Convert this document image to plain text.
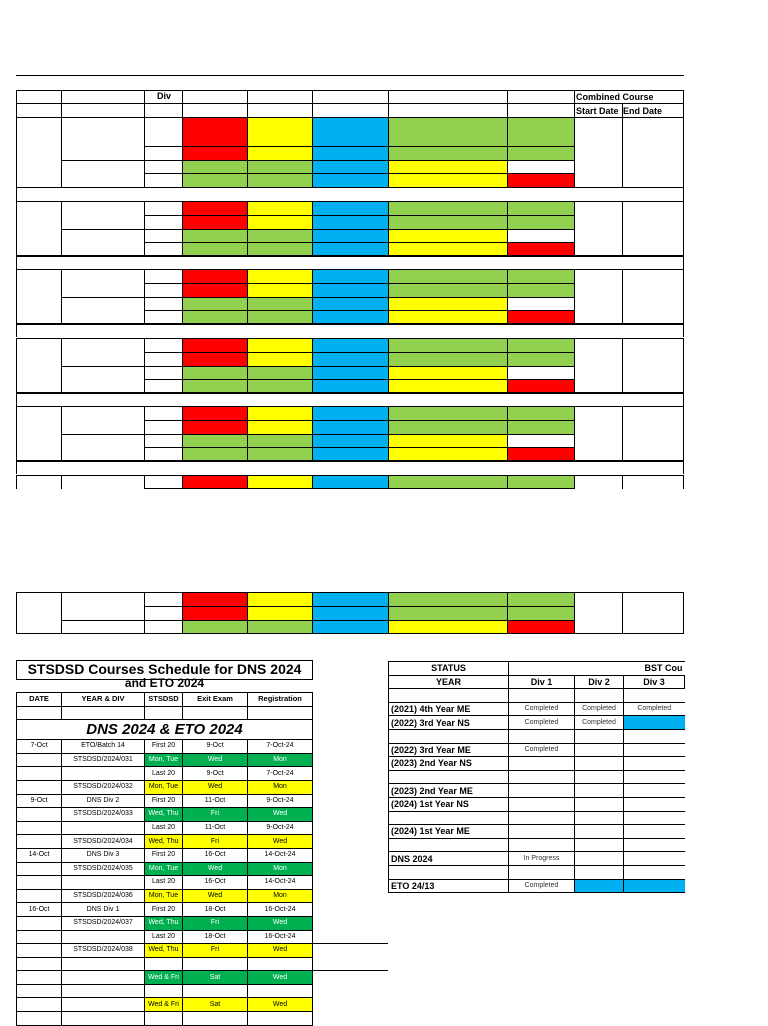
Div	Combined Course
Start Date End Date
STSDSD Courses Schedule for DNS 2024
and ETO 2024
DATE	YEAR & DIV	STSDSD	Exit Exam	Registration

DNS 2024 & ETO 2024				
7-Oct	ETO/Batch 14	First 20	9-Oct	7-Oct-24
	STSDSD/2024/031	Mon, Tue	Wed	Mon
		Last 20	9-Oct	7-Oct-24
	STSDSD/2024/032	Mon, Tue	Wed	Mon
9-Oct	DNS Div 2	First 20	11-Oct	9-Oct-24
	STSDSD/2024/033	Wed, Thu	Fri	Wed
		Last 20	11-Oct	9-Oct-24
	STSDSD/2024/034	Wed, Thu	Fri	Wed
14-Oct	DNS Div 3	First 20	16-Oct	14-Oct-24
	STSDSD/2024/035	Mon, Tue	Wed	Mon
		Last 20	16-Oct	14-Oct-24
	STSDSD/2024/036	Mon, Tue	Wed	Mon
16-Oct	DNS Div 1	First 20	18-Oct	16-Oct-24
	STSDSD/2024/037	Wed, Thu	Fri	Wed
		Last 20	18-Oct	16-Oct-24
	STSDSD/2024/038	Wed, Thu	Fri	Wed

		Wed & Fri	Sat	Wed

		Wed & Fri	Sat	Wed

STATUS	BST Cou		
YEAR	Div 1	Div 2	Div 3

(2021) 4th Year ME	Completed	Completed	Completed
(2022) 3rd Year NS	Completed	Completed	

(2022) 3rd Year ME	Completed		
(2023) 2nd Year NS			

(2023) 2nd Year ME			
(2024) 1st Year NS			

(2024) 1st Year ME			

DNS 2024	In Progress		

ETO 24/13	Completed		
